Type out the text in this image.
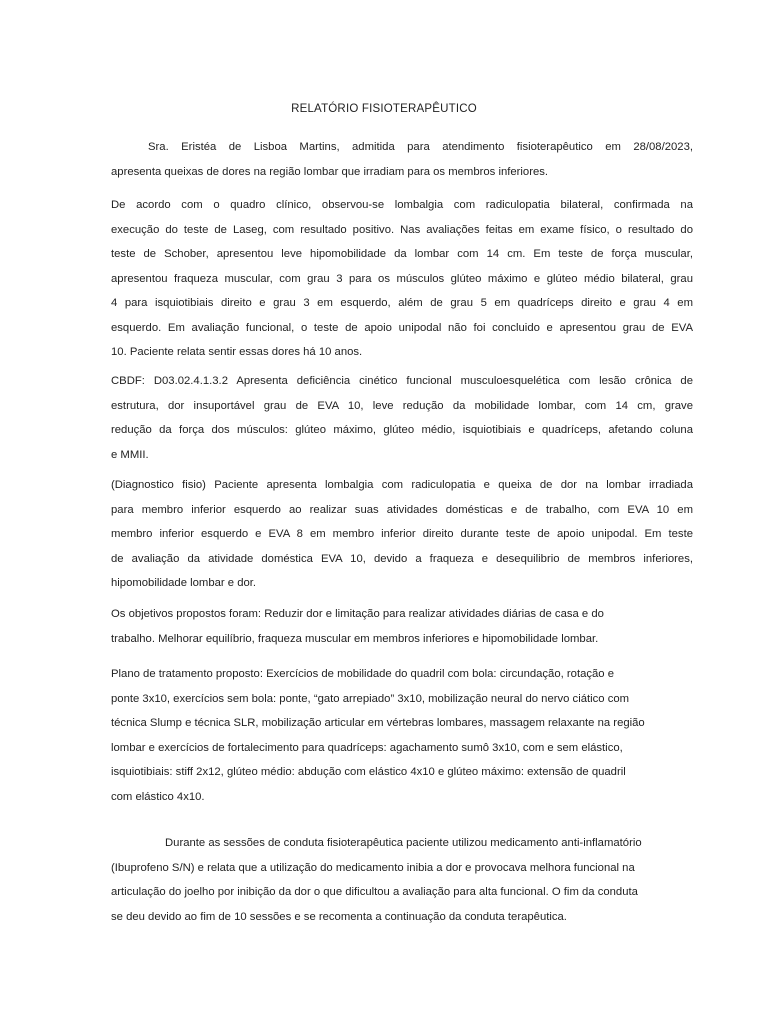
RELATÓRIO FISIOTERAPÊUTICO
Sra. Eristéa de Lisboa Martins, admitida para atendimento fisioterapêutico em 28/08/2023,
apresenta queixas de dores na região lombar que irradiam para os membros inferiores.
De acordo com o quadro clínico, observou-se lombalgia com radiculopatia bilateral, confirmada na
execução do teste de Laseg, com resultado positivo. Nas avaliações feitas em exame físico, o resultado do
teste de Schober, apresentou leve hipomobilidade da lombar com 14 cm. Em teste de força muscular,
apresentou fraqueza muscular, com grau 3 para os músculos glúteo máximo e glúteo médio bilateral, grau
4 para isquiotibiais direito e grau 3 em esquerdo, além de grau 5 em quadríceps direito e grau 4 em
esquerdo. Em avaliação funcional, o teste de apoio unipodal não foi concluido e apresentou grau de EVA
10. Paciente relata sentir essas dores há 10 anos.
CBDF: D03.02.4.1.3.2 Apresenta deficiência cinético funcional musculoesquelética com lesão crônica de
estrutura, dor insuportável grau de EVA 10, leve redução da mobilidade lombar, com 14 cm, grave
redução da força dos músculos: glúteo máximo, glúteo médio, isquiotibiais e quadríceps, afetando coluna
e MMII.
(Diagnostico fisio) Paciente apresenta lombalgia com radiculopatia e queixa de dor na lombar irradiada
para membro inferior esquerdo ao realizar suas atividades domésticas e de trabalho, com EVA 10 em
membro inferior esquerdo e EVA 8 em membro inferior direito durante teste de apoio unipodal. Em teste
de avaliação da atividade doméstica EVA 10, devido a fraqueza e desequilibrio de membros inferiores,
hipomobilidade lombar e dor.
Os objetivos propostos foram: Reduzir dor e limitação para realizar atividades diárias de casa e do
trabalho. Melhorar equilíbrio, fraqueza muscular em membros inferiores e hipomobilidade lombar.
Plano de tratamento proposto: Exercícios de mobilidade do quadril com bola: circundação, rotação e
ponte 3x10, exercícios sem bola: ponte, “gato arrepiado” 3x10, mobilização neural do nervo ciático com
técnica Slump e técnica SLR, mobilização articular em vértebras lombares, massagem relaxante na região
lombar e exercícios de fortalecimento para quadríceps: agachamento sumô 3x10, com e sem elástico,
isquiotibiais: stiff 2x12, glúteo médio: abdução com elástico 4x10 e glúteo máximo: extensão de quadril
com elástico 4x10.
Durante as sessões de conduta fisioterapêutica paciente utilizou medicamento anti-inflamatório
(Ibuprofeno S/N) e relata que a utilização do medicamento inibia a dor e provocava melhora funcional na
articulação do joelho por inibição da dor o que dificultou a avaliação para alta funcional. O fim da conduta
se deu devido ao fim de 10 sessões e se recomenta a continuação da conduta terapêutica.
